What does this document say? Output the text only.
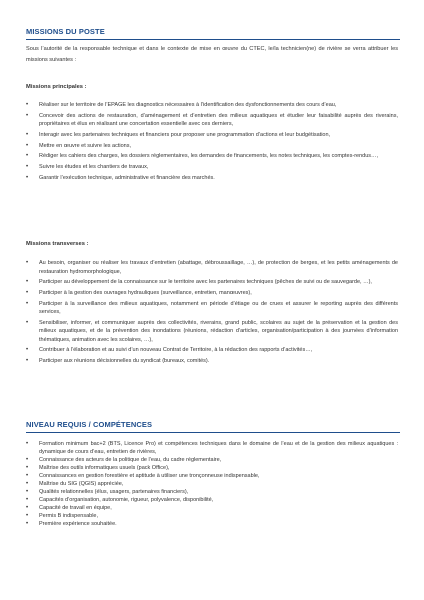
MISSIONS DU POSTE
Sous l’autorité de la responsable technique et dans le contexte de mise en œuvre du CTEC, le/la technicien(ne) de rivière se verra attribuer les missions suivantes :
Missions principales :
• Réaliser sur le territoire de l’EPAGE les diagnostics nécessaires à l’identification des dysfonctionnements des cours d’eau,
• Concevoir des actions de restauration, d’aménagement et d’entretien des milieux aquatiques et étudier leur faisabilité auprès des riverains, propriétaires et élus en réalisant une concertation essentielle avec ces derniers,
• Interagir avec les partenaires techniques et financiers pour proposer une programmation d’actions et leur budgétisation,
• Mettre en œuvre et suivre les actions,
• Rédiger les cahiers des charges, les dossiers réglementaires, les demandes de financements, les notes techniques, les comptes-rendus…,
• Suivre les études et les chantiers de travaux,
• Garantir l’exécution technique, administrative et financière des marchés.
Missions transverses :
• Au besoin, organiser ou réaliser les travaux d’entretien (abattage, débroussaillage, …), de protection de berges, et les petits aménagements de restauration hydromorphologique,
• Participer au développement de la connaissance sur le territoire avec les partenaires techniques (pêches de suivi ou de sauvegarde, …),
• Participer à la gestion des ouvrages hydrauliques (surveillance, entretien, manœuvres),
• Participer à la surveillance des milieux aquatiques, notamment en période d’étiage ou de crues et assurer le reporting auprès des différents services,
• Sensibiliser, informer, et communiquer auprès des collectivités, riverains, grand public, scolaires au sujet de la préservation et la gestion des milieux aquatiques, et de la prévention des inondations (réunions, rédaction d’articles, organisation/participation à des journées d’information thématiques, animation avec les scolaires, …),
• Contribuer à l’élaboration et au suivi d’un nouveau Contrat de Territoire, à la rédaction des rapports d’activités…,
• Participer aux réunions décisionnelles du syndicat (bureaux, comités).
NIVEAU REQUIS / COMPÉTENCES
• Formation minimum bac+2 (BTS, Licence Pro) et compétences techniques dans le domaine de l’eau et de la gestion des milieux aquatiques : dynamique de cours d’eau, entretien de rivières,
• Connaissance des acteurs de la politique de l’eau, du cadre réglementaire,
• Maîtrise des outils informatiques usuels (pack Office),
• Connaissances en gestion forestière et aptitude à utiliser une tronçonneuse indispensable,
• Maîtrise du SIG (QGIS) appréciée,
• Qualités relationnelles (élus, usagers, partenaires financiers),
• Capacités d’organisation, autonomie, rigueur, polyvalence, disponibilité,
• Capacité de travail en équipe,
• Permis B indispensable,
• Première expérience souhaitée.
